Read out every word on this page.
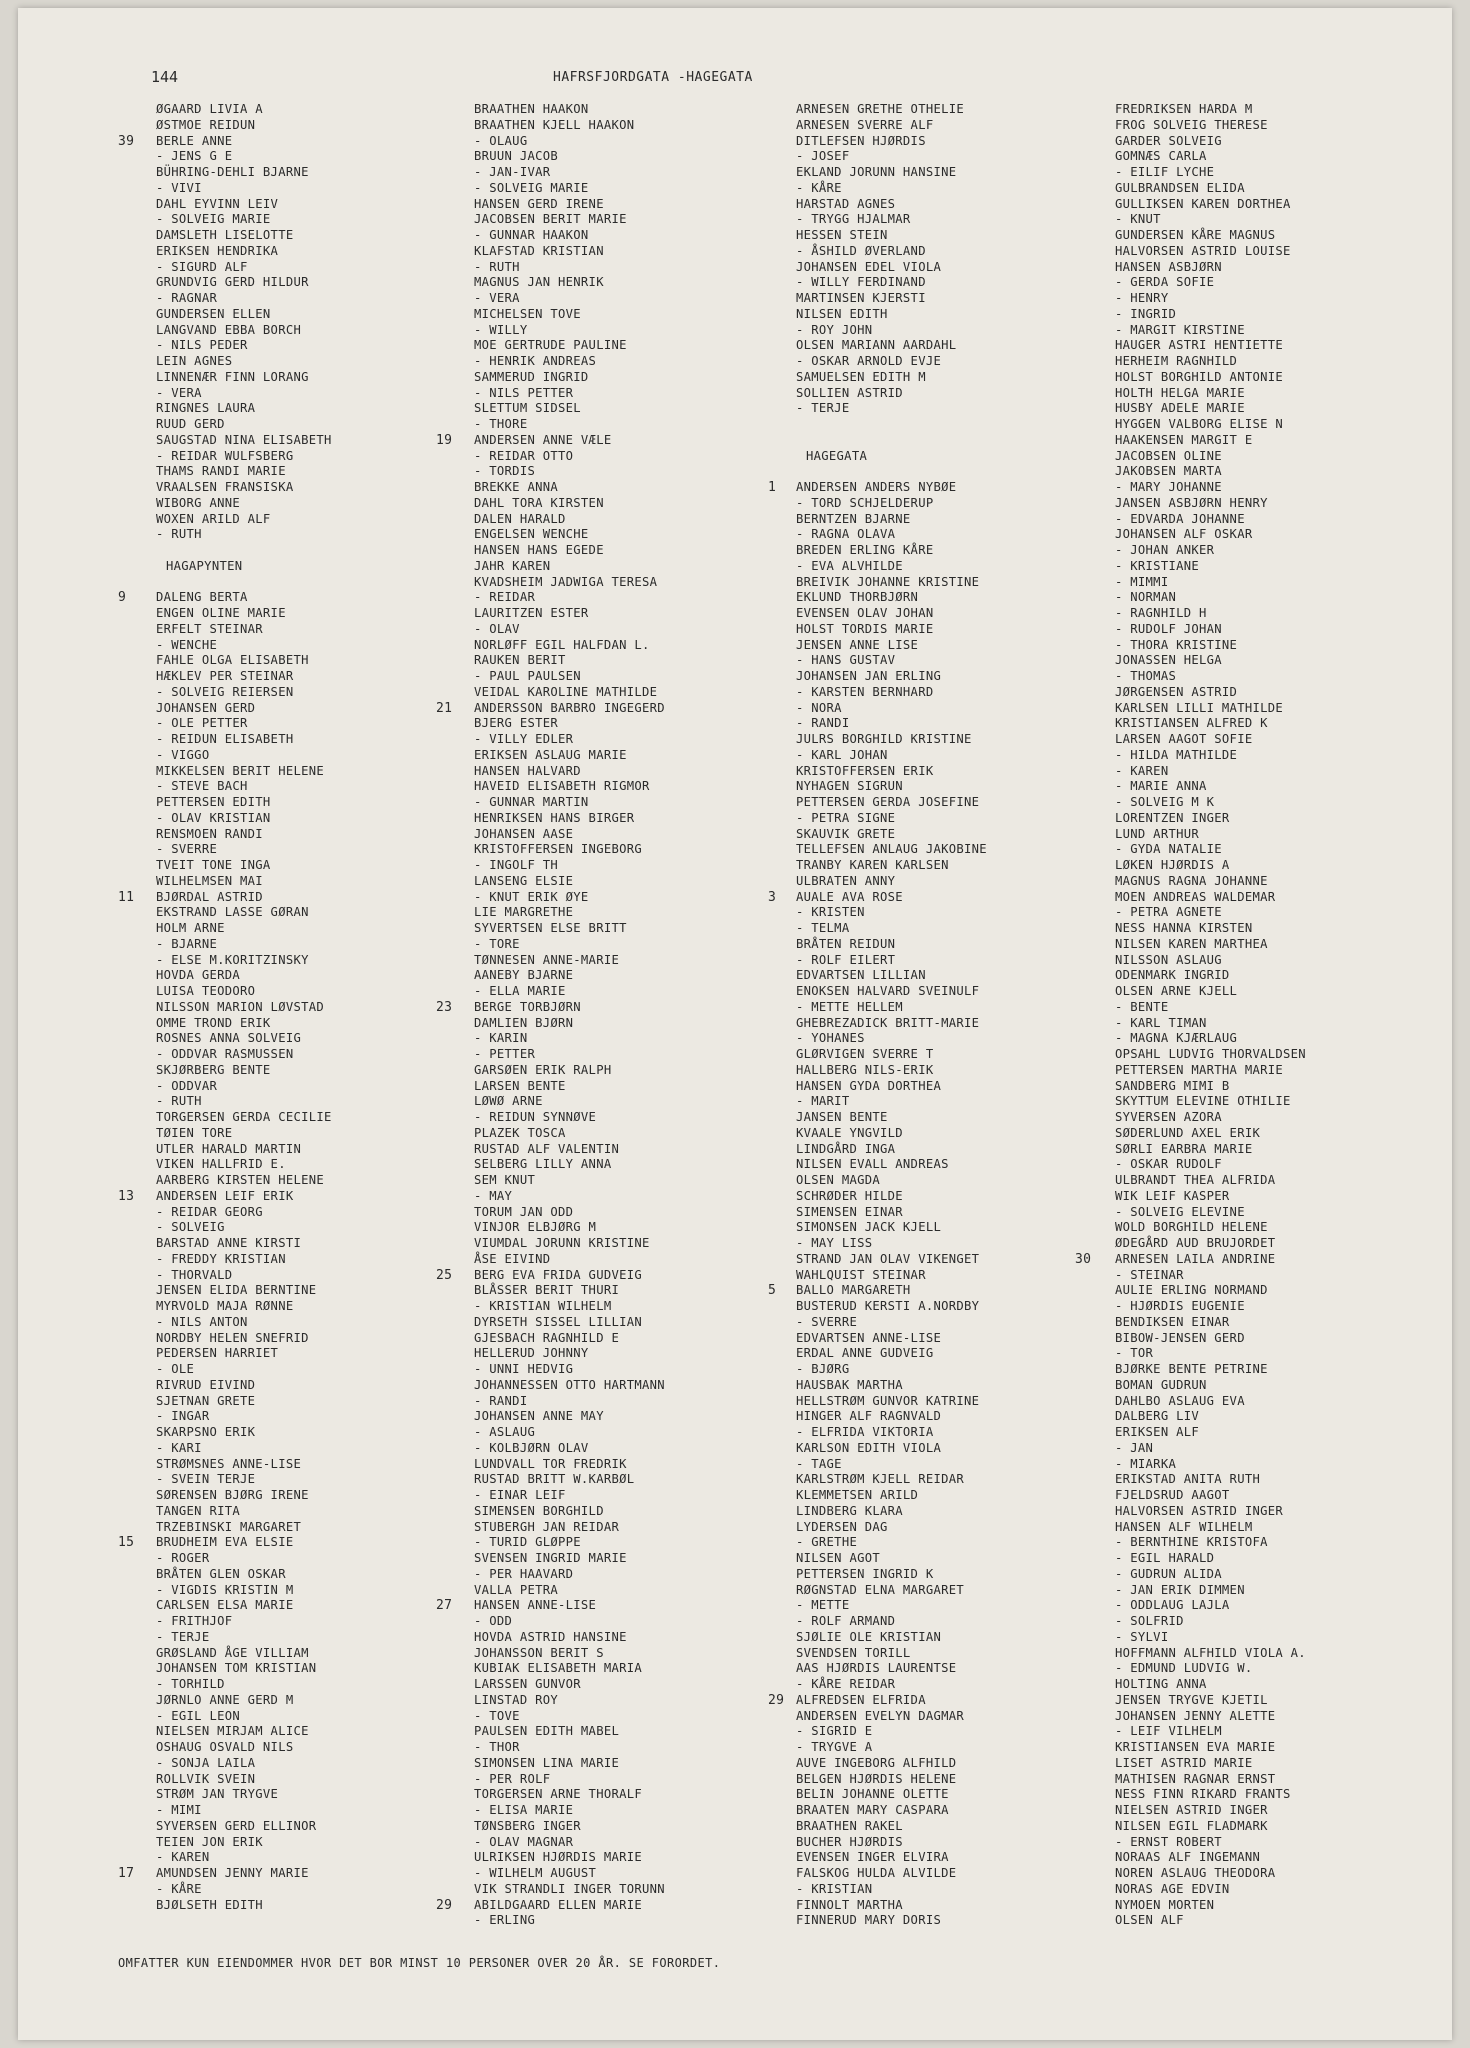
144	HAFRSFJORDGATA -HAGEGATA
ØGAARD LIVIA A
ØSTMOE REIDUN
39 BERLE ANNE
- JENS G E
BÜHRING-DEHLI BJARNE
- VIVI
DAHL EYVINN LEIV
- SOLVEIG MARIE
DAMSLETH LISELOTTE
ERIKSEN HENDRIKA
- SIGURD ALF
GRUNDVIG GERD HILDUR
- RAGNAR
GUNDERSEN ELLEN
LANGVAND EBBA BORCH
- NILS PEDER
LEIN AGNES
LINNENÆR FINN LORANG
- VERA
RINGNES LAURA
RUUD GERD
SAUGSTAD NINA ELISABETH
- REIDAR WULFSBERG
THAMS RANDI MARIE
VRAALSEN FRANSISKA
WIBORG ANNE
WOXEN ARILD ALF
- RUTH
HAGAPYNTEN
9 DALENG BERTA
ENGEN OLINE MARIE
ERFELT STEINAR
- WENCHE
FAHLE OLGA ELISABETH
HÆKLEV PER STEINAR
- SOLVEIG REIERSEN
JOHANSEN GERD
- OLE PETTER
- REIDUN ELISABETH
- VIGGO
MIKKELSEN BERIT HELENE
- STEVE BACH
PETTERSEN EDITH
- OLAV KRISTIAN
RENSMOEN RANDI
- SVERRE
TVEIT TONE INGA
WILHELMSEN MAI
11 BJØRDAL ASTRID
EKSTRAND LASSE GØRAN
HOLM ARNE
- BJARNE
- ELSE M.KORITZINSKY
HOVDA GERDA
LUISA TEODORO
NILSSON MARION LØVSTAD
OMME TROND ERIK
ROSNES ANNA SOLVEIG
- ODDVAR RASMUSSEN
SKJØRBERG BENTE
- ODDVAR
- RUTH
TORGERSEN GERDA CECILIE
TØIEN TORE
UTLER HARALD MARTIN
VIKEN HALLFRID E.
AARBERG KIRSTEN HELENE
13 ANDERSEN LEIF ERIK
- REIDAR GEORG
- SOLVEIG
BARSTAD ANNE KIRSTI
- FREDDY KRISTIAN
- THORVALD
JENSEN ELIDA BERNTINE
MYRVOLD MAJA RØNNE
- NILS ANTON
NORDBY HELEN SNEFRID
PEDERSEN HARRIET
- OLE
RIVRUD EIVIND
SJETNAN GRETE
- INGAR
SKARPSNO ERIK
- KARI
STRØMSNES ANNE-LISE
- SVEIN TERJE
SØRENSEN BJØRG IRENE
TANGEN RITA
TRZEBINSKI MARGARET
15 BRUDHEIM EVA ELSIE
- ROGER
BRÅTEN GLEN OSKAR
- VIGDIS KRISTIN M
CARLSEN ELSA MARIE
- FRITHJOF
- TERJE
GRØSLAND ÅGE VILLIAM
JOHANSEN TOM KRISTIAN
- TORHILD
JØRNLO ANNE GERD M
- EGIL LEON
NIELSEN MIRJAM ALICE
OSHAUG OSVALD NILS
- SONJA LAILA
ROLLVIK SVEIN
STRØM JAN TRYGVE
- MIMI
SYVERSEN GERD ELLINOR
TEIEN JON ERIK
- KAREN
17 AMUNDSEN JENNY MARIE
- KÅRE
BJØLSETH EDITH
BRAATHEN HAAKON
BRAATHEN KJELL HAAKON
- OLAUG
BRUUN JACOB
- JAN-IVAR
- SOLVEIG MARIE
HANSEN GERD IRENE
JACOBSEN BERIT MARIE
- GUNNAR HAAKON
KLAFSTAD KRISTIAN
- RUTH
MAGNUS JAN HENRIK
- VERA
MICHELSEN TOVE
- WILLY
MOE GERTRUDE PAULINE
- HENRIK ANDREAS
SAMMERUD INGRID
- NILS PETTER
SLETTUM SIDSEL
- THORE
19 ANDERSEN ANNE VÆLE
- REIDAR OTTO
- TORDIS
BREKKE ANNA
DAHL TORA KIRSTEN
DALEN HARALD
ENGELSEN WENCHE
HANSEN HANS EGEDE
JAHR KAREN
KVADSHEIM JADWIGA TERESA
- REIDAR
LAURITZEN ESTER
- OLAV
NORLØFF EGIL HALFDAN L.
RAUKEN BERIT
- PAUL PAULSEN
VEIDAL KAROLINE MATHILDE
21 ANDERSSON BARBRO INGEGERD
BJERG ESTER
- VILLY EDLER
ERIKSEN ASLAUG MARIE
HANSEN HALVARD
HAVEID ELISABETH RIGMOR
- GUNNAR MARTIN
HENRIKSEN HANS BIRGER
JOHANSEN AASE
KRISTOFFERSEN INGEBORG
- INGOLF TH
LANSENG ELSIE
- KNUT ERIK ØYE
LIE MARGRETHE
SYVERTSEN ELSE BRITT
- TORE
TØNNESEN ANNE-MARIE
AANEBY BJARNE
- ELLA MARIE
23 BERGE TORBJØRN
DAMLIEN BJØRN
- KARIN
- PETTER
GARSØEN ERIK RALPH
LARSEN BENTE
LØWØ ARNE
- REIDUN SYNNØVE
PLAZEK TOSCA
RUSTAD ALF VALENTIN
SELBERG LILLY ANNA
SEM KNUT
- MAY
TORUM JAN ODD
VINJOR ELBJØRG M
VIUMDAL JORUNN KRISTINE
ÅSE EIVIND
25 BERG EVA FRIDA GUDVEIG
BLÅSSER BERIT THURI
- KRISTIAN WILHELM
DYRSETH SISSEL LILLIAN
GJESBACH RAGNHILD E
HELLERUD JOHNNY
- UNNI HEDVIG
JOHANNESSEN OTTO HARTMANN
- RANDI
JOHANSEN ANNE MAY
- ASLAUG
- KOLBJØRN OLAV
LUNDVALL TOR FREDRIK
RUSTAD BRITT W.KARBØL
- EINAR LEIF
SIMENSEN BORGHILD
STUBERGH JAN REIDAR
- TURID GLØPPE
SVENSEN INGRID MARIE
- PER HAAVARD
VALLA PETRA
27 HANSEN ANNE-LISE
- ODD
HOVDA ASTRID HANSINE
JOHANSSON BERIT S
KUBIAK ELISABETH MARIA
LARSSEN GUNVOR
LINSTAD ROY
- TOVE
PAULSEN EDITH MABEL
- THOR
SIMONSEN LINA MARIE
- PER ROLF
TORGERSEN ARNE THORALF
- ELISA MARIE
TØNSBERG INGER
- OLAV MAGNAR
ULRIKSEN HJØRDIS MARIE
- WILHELM AUGUST
VIK STRANDLI INGER TORUNN
29 ABILDGAARD ELLEN MARIE
- ERLING
ARNESEN GRETHE OTHELIE
ARNESEN SVERRE ALF
DITLEFSEN HJØRDIS
- JOSEF
EKLAND JORUNN HANSINE
- KÅRE
HARSTAD AGNES
- TRYGG HJALMAR
HESSEN STEIN
- ÅSHILD ØVERLAND
JOHANSEN EDEL VIOLA
- WILLY FERDINAND
MARTINSEN KJERSTI
NILSEN EDITH
- ROY JOHN
OLSEN MARIANN AARDAHL
- OSKAR ARNOLD EVJE
SAMUELSEN EDITH M
SOLLIEN ASTRID
- TERJE
HAGEGATA
1 ANDERSEN ANDERS NYBØE
- TORD SCHJELDERUP
BERNTZEN BJARNE
- RAGNA OLAVA
BREDEN ERLING KÅRE
- EVA ALVHILDE
BREIVIK JOHANNE KRISTINE
EKLUND THORBJØRN
EVENSEN OLAV JOHAN
HOLST TORDIS MARIE
JENSEN ANNE LISE
- HANS GUSTAV
JOHANSEN JAN ERLING
- KARSTEN BERNHARD
- NORA
- RANDI
JULRS BORGHILD KRISTINE
- KARL JOHAN
KRISTOFFERSEN ERIK
NYHAGEN SIGRUN
PETTERSEN GERDA JOSEFINE
- PETRA SIGNE
SKAUVIK GRETE
TELLEFSEN ANLAUG JAKOBINE
TRANBY KAREN KARLSEN
ULBRATEN ANNY
3 AUALE AVA ROSE
- KRISTEN
- TELMA
BRÅTEN REIDUN
- ROLF EILERT
EDVARTSEN LILLIAN
ENOKSEN HALVARD SVEINULF
- METTE HELLEM
GHEBREZADICK BRITT-MARIE
- YOHANES
GLØRVIGEN SVERRE T
HALLBERG NILS-ERIK
HANSEN GYDA DORTHEA
- MARIT
JANSEN BENTE
KVAALE YNGVILD
LINDGÅRD INGA
NILSEN EVALL ANDREAS
OLSEN MAGDA
SCHRØDER HILDE
SIMENSEN EINAR
SIMONSEN JACK KJELL
- MAY LISS
STRAND JAN OLAV VIKENGET
WAHLQUIST STEINAR
5 BALLO MARGARETH
BUSTERUD KERSTI A.NORDBY
- SVERRE
EDVARTSEN ANNE-LISE
ERDAL ANNE GUDVEIG
- BJØRG
HAUSBAK MARTHA
HELLSTRØM GUNVOR KATRINE
HINGER ALF RAGNVALD
- ELFRIDA VIKTORIA
KARLSON EDITH VIOLA
- TAGE
KARLSTRØM KJELL REIDAR
KLEMMETSEN ARILD
LINDBERG KLARA
LYDERSEN DAG
- GRETHE
NILSEN AGOT
PETTERSEN INGRID K
RØGNSTAD ELNA MARGARET
- METTE
- ROLF ARMAND
SJØLIE OLE KRISTIAN
SVENDSEN TORILL
AAS HJØRDIS LAURENTSE
- KÅRE REIDAR
29 ALFREDSEN ELFRIDA
ANDERSEN EVELYN DAGMAR
- SIGRID E
- TRYGVE A
AUVE INGEBORG ALFHILD
BELGEN HJØRDIS HELENE
BELIN JOHANNE OLETTE
BRAATEN MARY CASPARA
BRAATHEN RAKEL
BUCHER HJØRDIS
EVENSEN INGER ELVIRA
FALSKOG HULDA ALVILDE
- KRISTIAN
FINNOLT MARTHA
FINNERUD MARY DORIS
FREDRIKSEN HARDA M
FROG SOLVEIG THERESE
GARDER SOLVEIG
GOMNÆS CARLA
- EILIF LYCHE
GULBRANDSEN ELIDA
GULLIKSEN KAREN DORTHEA
- KNUT
GUNDERSEN KÅRE MAGNUS
HALVORSEN ASTRID LOUISE
HANSEN ASBJØRN
- GERDA SOFIE
- HENRY
- INGRID
- MARGIT KIRSTINE
HAUGER ASTRI HENTIETTE
HERHEIM RAGNHILD
HOLST BORGHILD ANTONIE
HOLTH HELGA MARIE
HUSBY ADELE MARIE
HYGGEN VALBORG ELISE N
HAAKENSEN MARGIT E
JACOBSEN OLINE
JAKOBSEN MARTA
- MARY JOHANNE
JANSEN ASBJØRN HENRY
- EDVARDA JOHANNE
JOHANSEN ALF OSKAR
- JOHAN ANKER
- KRISTIANE
- MIMMI
- NORMAN
- RAGNHILD H
- RUDOLF JOHAN
- THORA KRISTINE
JONASSEN HELGA
- THOMAS
JØRGENSEN ASTRID
KARLSEN LILLI MATHILDE
KRISTIANSEN ALFRED K
LARSEN AAGOT SOFIE
- HILDA MATHILDE
- KAREN
- MARIE ANNA
- SOLVEIG M K
LORENTZEN INGER
LUND ARTHUR
- GYDA NATALIE
LØKEN HJØRDIS A
MAGNUS RAGNA JOHANNE
MOEN ANDREAS WALDEMAR
- PETRA AGNETE
NESS HANNA KIRSTEN
NILSEN KAREN MARTHEA
NILSSON ASLAUG
ODENMARK INGRID
OLSEN ARNE KJELL
- BENTE
- KARL TIMAN
- MAGNA KJÆRLAUG
OPSAHL LUDVIG THORVALDSEN
PETTERSEN MARTHA MARIE
SANDBERG MIMI B
SKYTTUM ELEVINE OTHILIE
SYVERSEN AZORA
SØDERLUND AXEL ERIK
SØRLI EARBRA MARIE
- OSKAR RUDOLF
ULBRANDT THEA ALFRIDA
WIK LEIF KASPER
- SOLVEIG ELEVINE
WOLD BORGHILD HELENE
ØDEGÅRD AUD BRUJORDET
30 ARNESEN LAILA ANDRINE
- STEINAR
AULIE ERLING NORMAND
- HJØRDIS EUGENIE
BENDIKSEN EINAR
BIBOW-JENSEN GERD
- TOR
BJØRKE BENTE PETRINE
BOMAN GUDRUN
DAHLBO ASLAUG EVA
DALBERG LIV
ERIKSEN ALF
- JAN
- MIARKA
ERIKSTAD ANITA RUTH
FJELDSRUD AAGOT
HALVORSEN ASTRID INGER
HANSEN ALF WILHELM
- BERNTHINE KRISTOFA
- EGIL HARALD
- GUDRUN ALIDA
- JAN ERIK DIMMEN
- ODDLAUG LAJLA
- SOLFRID
- SYLVI
HOFFMANN ALFHILD VIOLA A.
- EDMUND LUDVIG W.
HOLTING ANNA
JENSEN TRYGVE KJETIL
JOHANSEN JENNY ALETTE
- LEIF VILHELM
KRISTIANSEN EVA MARIE
LISET ASTRID MARIE
MATHISEN RAGNAR ERNST
NESS FINN RIKARD FRANTS
NIELSEN ASTRID INGER
NILSEN EGIL FLADMARK
- ERNST ROBERT
NORAAS ALF INGEMANN
NOREN ASLAUG THEODORA
NORAS AGE EDVIN
NYMOEN MORTEN
OLSEN ALF
OMFATTER KUN EIENDOMMER HVOR DET BOR MINST 10 PERSONER OVER 20 ÅR. SE FORORDET.
